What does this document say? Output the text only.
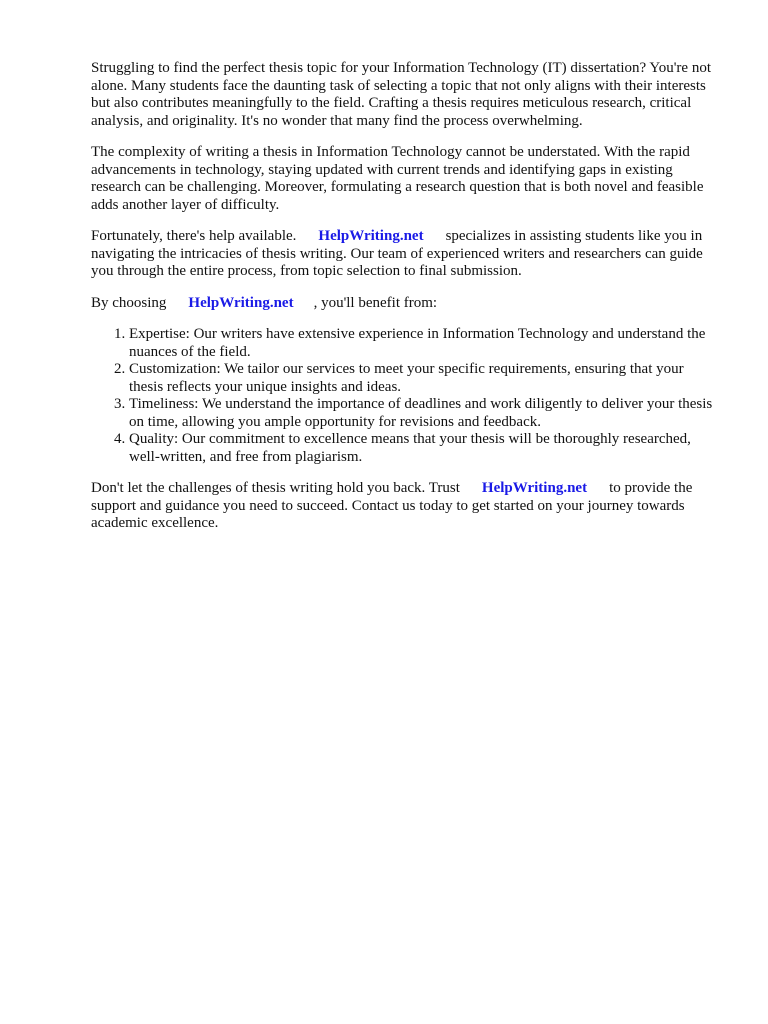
Struggling to find the perfect thesis topic for your Information Technology (IT) dissertation? You're not alone. Many students face the daunting task of selecting a topic that not only aligns with their interests but also contributes meaningfully to the field. Crafting a thesis requires meticulous research, critical analysis, and originality. It's no wonder that many find the process overwhelming.

The complexity of writing a thesis in Information Technology cannot be understated. With the rapid advancements in technology, staying updated with current trends and identifying gaps in existing research can be challenging. Moreover, formulating a research question that is both novel and feasible adds another layer of difficulty.

Fortunately, there's help available. HelpWriting.net specializes in assisting students like you in navigating the intricacies of thesis writing. Our team of experienced writers and researchers can guide you through the entire process, from topic selection to final submission.

By choosing HelpWriting.net , you'll benefit from:

1. Expertise: Our writers have extensive experience in Information Technology and understand the nuances of the field.
2. Customization: We tailor our services to meet your specific requirements, ensuring that your thesis reflects your unique insights and ideas.
3. Timeliness: We understand the importance of deadlines and work diligently to deliver your thesis on time, allowing you ample opportunity for revisions and feedback.
4. Quality: Our commitment to excellence means that your thesis will be thoroughly researched, well-written, and free from plagiarism.

Don't let the challenges of thesis writing hold you back. Trust HelpWriting.net to provide the support and guidance you need to succeed. Contact us today to get started on your journey towards academic excellence.
